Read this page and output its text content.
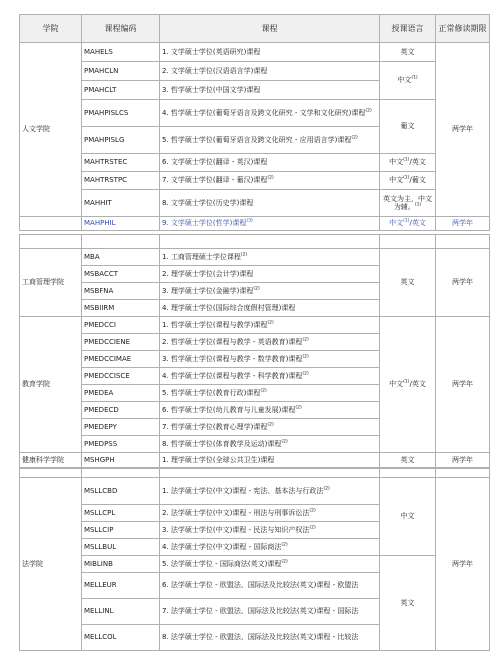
学院	课程编码	课程	授课语言	正常修读期限
人文学院	MAHELS	1. 文学硕士学位(英语研究)课程	英文	两学年
	PMAHCLN	2. 文学硕士学位(汉语语言学)课程	中文$^{(1)}$
	PMAHCLT	3. 哲学硕士学位(中国文学)课程		
	PMAHPISLCS	4. 哲学硕士学位(葡萄牙语言及跨文化研究 - 文学和文化研究)课程$^{(2)}$	葡文	
	PMAHPISLG	5. 哲学硕士学位(葡萄牙语言及跨文化研究 - 应用语言学)课程$^{(2)}$
	MAHTRSTEC	6. 文学硕士学位(翻译 - 英汉)课程	中文$^{(1)}$/英文	
	MAHTRSTPC	7. 文学硕士学位(翻译 - 葡汉)课程$^{(2)}$	中文$^{(1)}$/葡文	
	MAHHIT	8. 文学硕士学位(历史学)课程	英文为主，中文为辅。$^{(1)}$
	MAHPHIL	9. 文学硕士学位(哲学)课程$^{(3)}$	中文$^{(1)}$/英文	两学年

工商管理学院	MBA	1. 工商管理硕士学位课程$^{(2)}$	英文	两学年
	MSBACCT	2. 理学硕士学位(会计学)课程		
	MSBFNA	3. 理学硕士学位(金融学)课程$^{(2)}$
	MSBIIRM	4. 理学硕士学位(国际综合度假村管理)课程		
教育学院	PMEDCCI	1. 哲学硕士学位(课程与教学)课程$^{(2)}$	中文$^{(1)}$/英文	两学年
	PMEDCCIENE	2. 哲学硕士学位(课程与教学 - 英语教育)课程$^{(2)}$
	PMEDCCIMAE	3. 哲学硕士学位(课程与教学 - 数学教育)课程$^{(2)}$
	PMEDCCISCE	4. 哲学硕士学位(课程与教学 - 科学教育)课程$^{(2)}$
	PMEDEA	5. 哲学硕士学位(教育行政)课程$^{(2)}$
	PMEDECD	6. 哲学硕士学位(幼儿教育与儿童发展)课程$^{(2)}$
	PMEDEPY	7. 哲学硕士学位(教育心理学)课程$^{(2)}$
	PMEDPSS	8. 哲学硕士学位(体育教学及运动)课程$^{(2)}$
健康科学学院	MSHGPH	1. 理学硕士学位(全球公共卫生)课程	英文	两学年

法学院	MSLLCBD	1. 法学硕士学位(中文)课程 - 宪法、基本法与行政法$^{(2)}$	中文	两学年
	MSLLCPL	2. 法学硕士学位(中文)课程 - 刑法与刑事诉讼法$^{(2)}$
	MSLLCIP	3. 法学硕士学位(中文)课程 - 民法与知识产权法$^{(2)}$
	MSLLBUL	4. 法学硕士学位(中文)课程 - 国际商法$^{(2)}$
	MIBLINB	5. 法学硕士学位 - 国际商法(英文)课程$^{(2)}$	英文	
	MELLEUR	6. 法学硕士学位 - 欧盟法、国际法及比较法(英文)课程 - 欧盟法		
	MELLINL	7. 法学硕士学位 - 欧盟法、国际法及比较法(英文)课程 - 国际法		
	MELLCOL	8. 法学硕士学位 - 欧盟法、国际法及比较法(英文)课程 - 比较法		
